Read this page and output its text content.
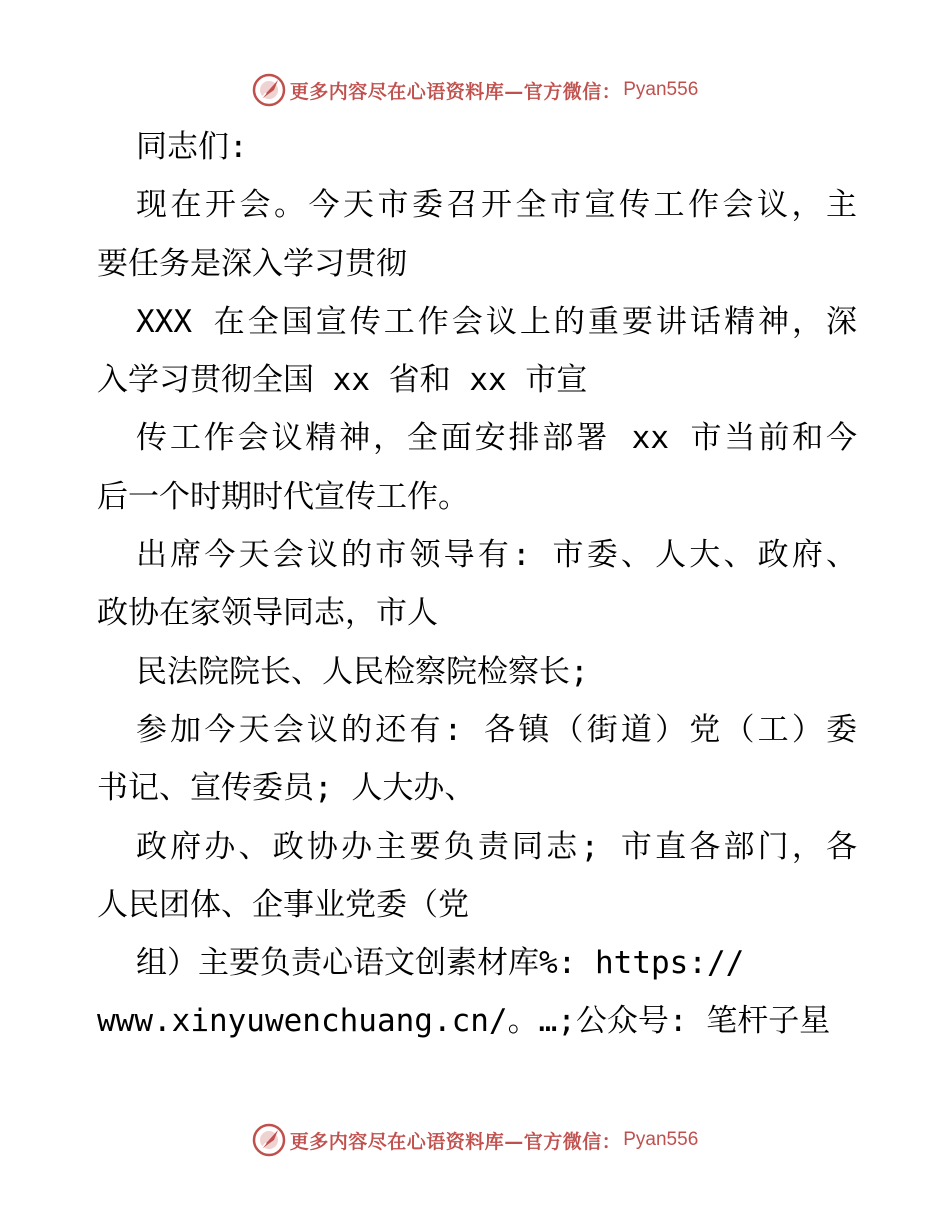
更多内容尽在心语资料库—官方微信： Pyan556
同志们:
现在开会。今天市委召开全市宣传工作会议，主
要任务是深入学习贯彻
XXX 在全国宣传工作会议上的重要讲话精神，深
入学习贯彻全国 xx 省和 xx 市宣
传工作会议精神，全面安排部署 xx 市当前和今
后一个时期时代宣传工作。
出席今天会议的市领导有: 市委、人大、政府、
政协在家领导同志，市人
民法院院长、人民检察院检察长;
参加今天会议的还有: 各镇（街道）党（工）委
书记、宣传委员; 人大办、
政府办、政协办主要负责同志; 市直各部门，各
人民团体、企事业党委（党
组）主要负责心语文创素材库%: https://
www.xinyuwenchuang.cn/。…;公众号: 笔杆子星
更多内容尽在心语资料库—官方微信： Pyan556
